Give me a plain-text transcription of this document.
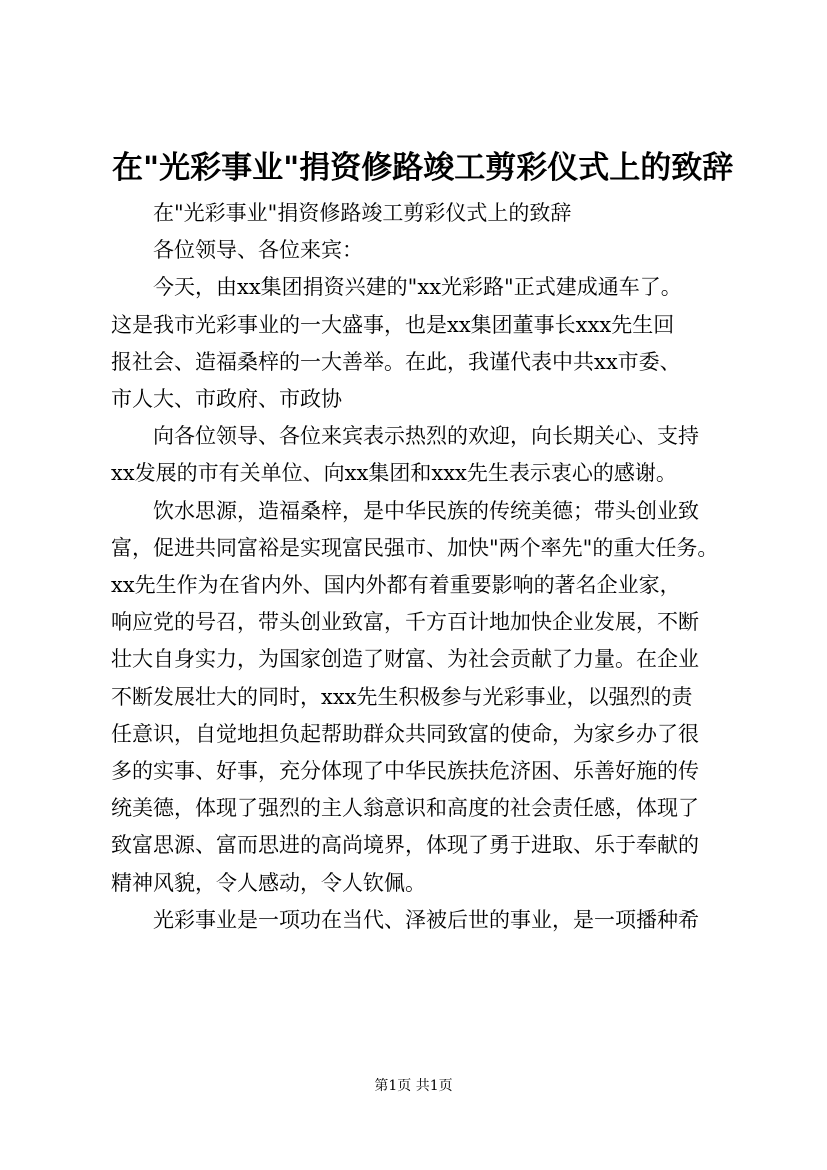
在"光彩事业"捐资修路竣工剪彩仪式上的致辞

在"光彩事业"捐资修路竣工剪彩仪式上的致辞

各位领导、各位来宾：

今天，由xx集团捐资兴建的"xx光彩路"正式建成通车了。
这是我市光彩事业的一大盛事，也是xx集团董事长xxx先生回
报社会、造福桑梓的一大善举。在此，我谨代表中共xx市委、
市人大、市政府、市政协

向各位领导、各位来宾表示热烈的欢迎，向长期关心、支持
xx发展的市有关单位、向xx集团和xxx先生表示衷心的感谢。

饮水思源，造福桑梓，是中华民族的传统美德；带头创业致
富，促进共同富裕是实现富民强市、加快"两个率先"的重大任务。
xx先生作为在省内外、国内外都有着重要影响的著名企业家，
响应党的号召，带头创业致富，千方百计地加快企业发展，不断
壮大自身实力，为国家创造了财富、为社会贡献了力量。在企业
不断发展壮大的同时，xxx先生积极参与光彩事业，以强烈的责
任意识，自觉地担负起帮助群众共同致富的使命，为家乡办了很
多的实事、好事，充分体现了中华民族扶危济困、乐善好施的传
统美德，体现了强烈的主人翁意识和高度的社会责任感，体现了
致富思源、富而思进的高尚境界，体现了勇于进取、乐于奉献的
精神风貌，令人感动，令人钦佩。

光彩事业是一项功在当代、泽被后世的事业，是一项播种希

第1页 共1页
